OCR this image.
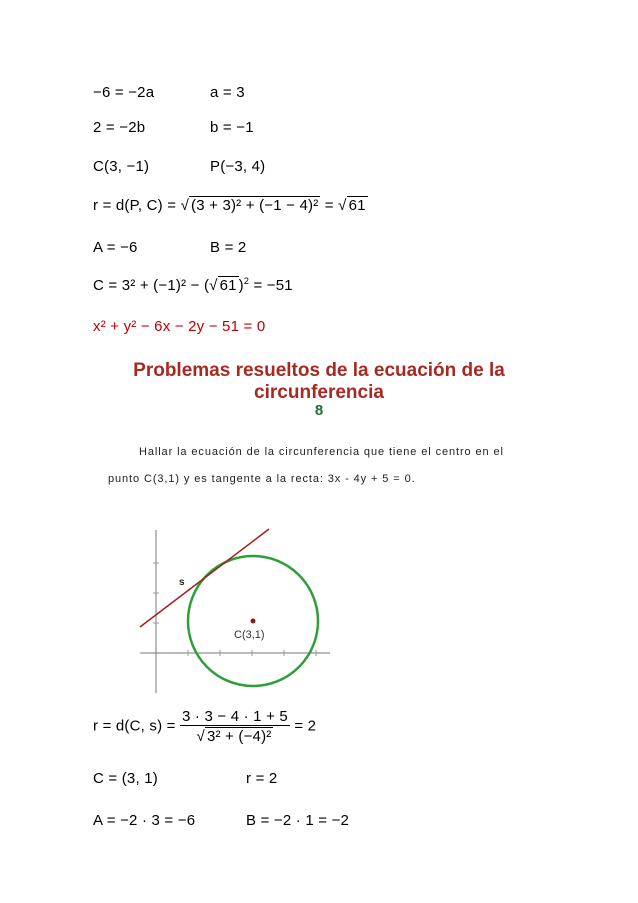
−6 = −2a	a = 3
2 = −2b	b = −1
C(3, −1)	P(−3, 4)
r = d(P, C) = √ (3 + 3)² + (−1 − 4)² = √ 61
A = −6	B = 2
C = 3² + (−1)² − (√ 61 )$^2$ = −51
x² + y² − 6x − 2y − 51 = 0
Problemas resueltos de la ecuación de la
circunferencia
8
Hallar la ecuación de la circunferencia que tiene el centro en el
punto C(3,1) y es tangente a la recta: 3x - 4y + 5 = 0.
s
C(3,1)
r = d(C, $s) = \frac{3 \cdot 3 - 4 \cdot 1 + 5}{\text{√ 3² + (−4)²}} = 2$
C = (3, 1)	r = 2
A = −2 · 3 = −6	B = −2 · 1 = −2
